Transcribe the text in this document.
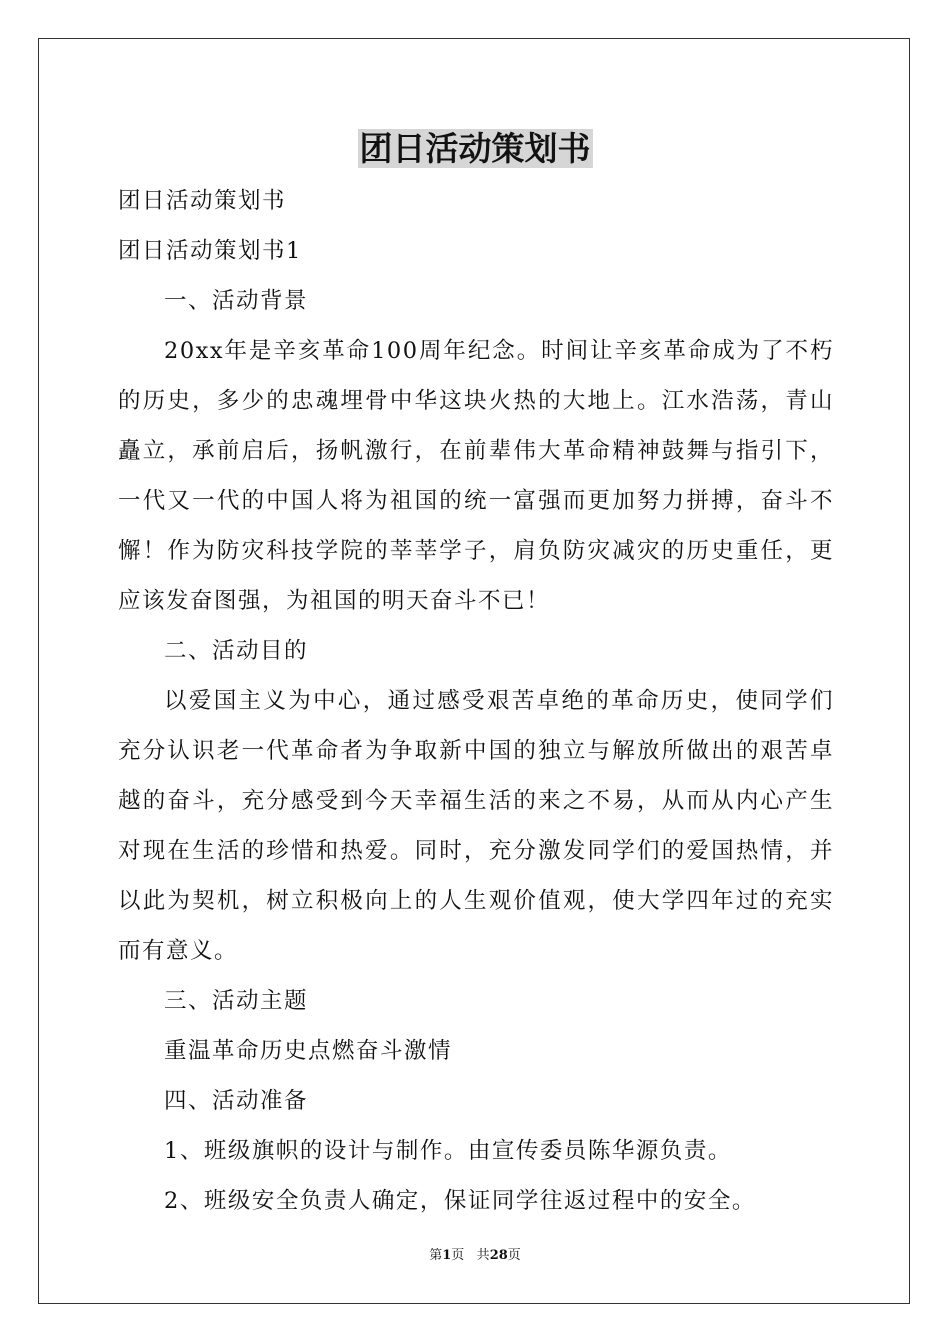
团日活动策划书

团日活动策划书

团日活动策划书1

一、活动背景

20xx年是辛亥革命100周年纪念。时间让辛亥革命成为了不朽的历史，多少的忠魂埋骨中华这块火热的大地上。江水浩荡，青山矗立，承前启后，扬帆激行，在前辈伟大革命精神鼓舞与指引下，一代又一代的中国人将为祖国的统一富强而更加努力拼搏，奋斗不懈！作为防灾科技学院的莘莘学子，肩负防灾减灾的历史重任，更应该发奋图强，为祖国的明天奋斗不已！

二、活动目的

以爱国主义为中心，通过感受艰苦卓绝的革命历史，使同学们充分认识老一代革命者为争取新中国的独立与解放所做出的艰苦卓越的奋斗，充分感受到今天幸福生活的来之不易，从而从内心产生对现在生活的珍惜和热爱。同时，充分激发同学们的爱国热情，并以此为契机，树立积极向上的人生观价值观，使大学四年过的充实而有意义。

三、活动主题

重温革命历史点燃奋斗激情

四、活动准备

1、班级旗帜的设计与制作。由宣传委员陈华源负责。

2、班级安全负责人确定，保证同学往返过程中的安全。

第1页 共28页
